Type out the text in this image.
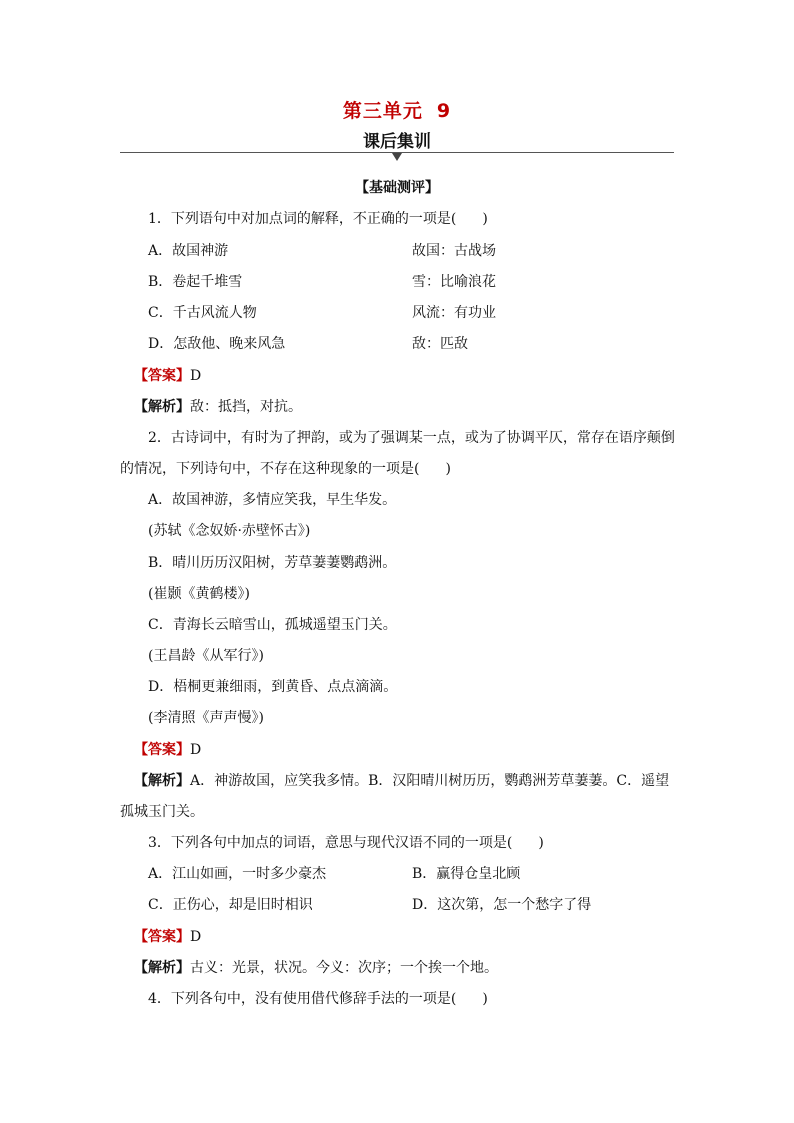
第三单元 9
课后集训
【基础测评】
1．下列语句中对加点词的解释，不正确的一项是( )
A．故国神游	故国：古战场
B．卷起千堆雪	雪：比喻浪花
C．千古风流人物	风流：有功业
D．怎敌他、晚来风急	敌：匹敌
【答案】D
【解析】敌：抵挡，对抗。
2．古诗词中，有时为了押韵，或为了强调某一点，或为了协调平仄，常存在语序颠倒
的情况，下列诗句中，不存在这种现象的一项是( )
A．故国神游，多情应笑我，早生华发。
(苏轼《念奴娇·赤壁怀古》)
B．晴川历历汉阳树，芳草萋萋鹦鹉洲。
(崔颢《黄鹤楼》)
C．青海长云暗雪山，孤城遥望玉门关。
(王昌龄《从军行》)
D．梧桐更兼细雨，到黄昏、点点滴滴。
(李清照《声声慢》)
【答案】D
【解析】A．神游故国，应笑我多情。B．汉阳晴川树历历，鹦鹉洲芳草萋萋。C．遥望
孤城玉门关。
3．下列各句中加点的词语，意思与现代汉语不同的一项是( )
A．江山如画，一时多少豪杰	B．赢得仓皇北顾
C．正伤心，却是旧时相识	D．这次第，怎一个愁字了得
【答案】D
【解析】古义：光景，状况。今义：次序；一个挨一个地。
4．下列各句中，没有使用借代修辞手法的一项是( )
